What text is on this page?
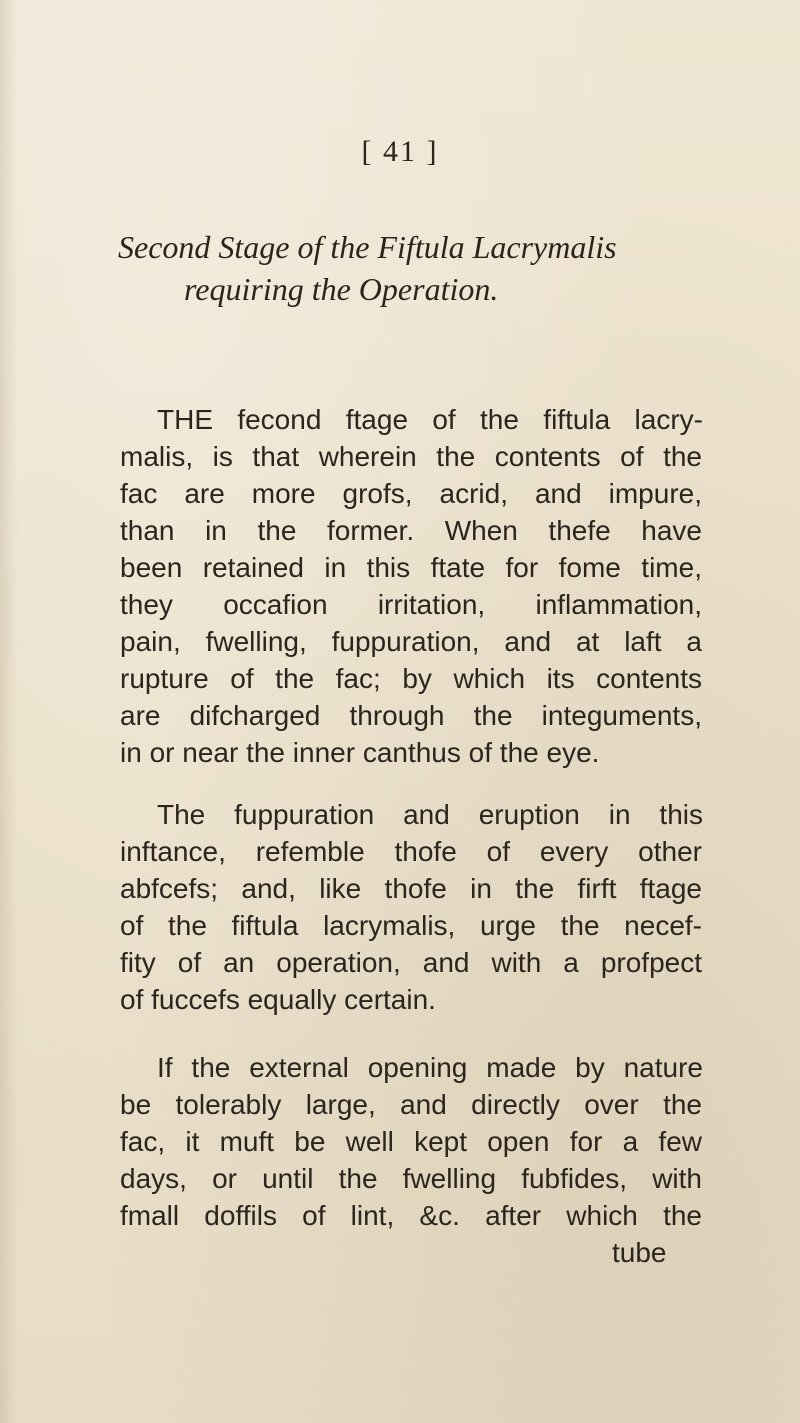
[ 41 ]
Second Stage of the Fiftula Lacrymalis
requiring the Operation.
THE fecond ftage of the fiftula lacry-
malis, is that wherein the contents of the
fac are more grofs, acrid, and impure,
than in the former. When thefe have
been retained in this ftate for fome time,
they occafion irritation, inflammation,
pain, fwelling, fuppuration, and at laft a
rupture of the fac; by which its contents
are difcharged through the integuments,
in or near the inner canthus of the eye.
The fuppuration and eruption in this
inftance, refemble thofe of every other
abfcefs; and, like thofe in the firft ftage
of the fiftula lacrymalis, urge the necef-
fity of an operation, and with a profpect
of fuccefs equally certain.
If the external opening made by nature
be tolerably large, and directly over the
fac, it muft be well kept open for a few
days, or until the fwelling fubfides, with
fmall doffils of lint, &c. after which the
tube
